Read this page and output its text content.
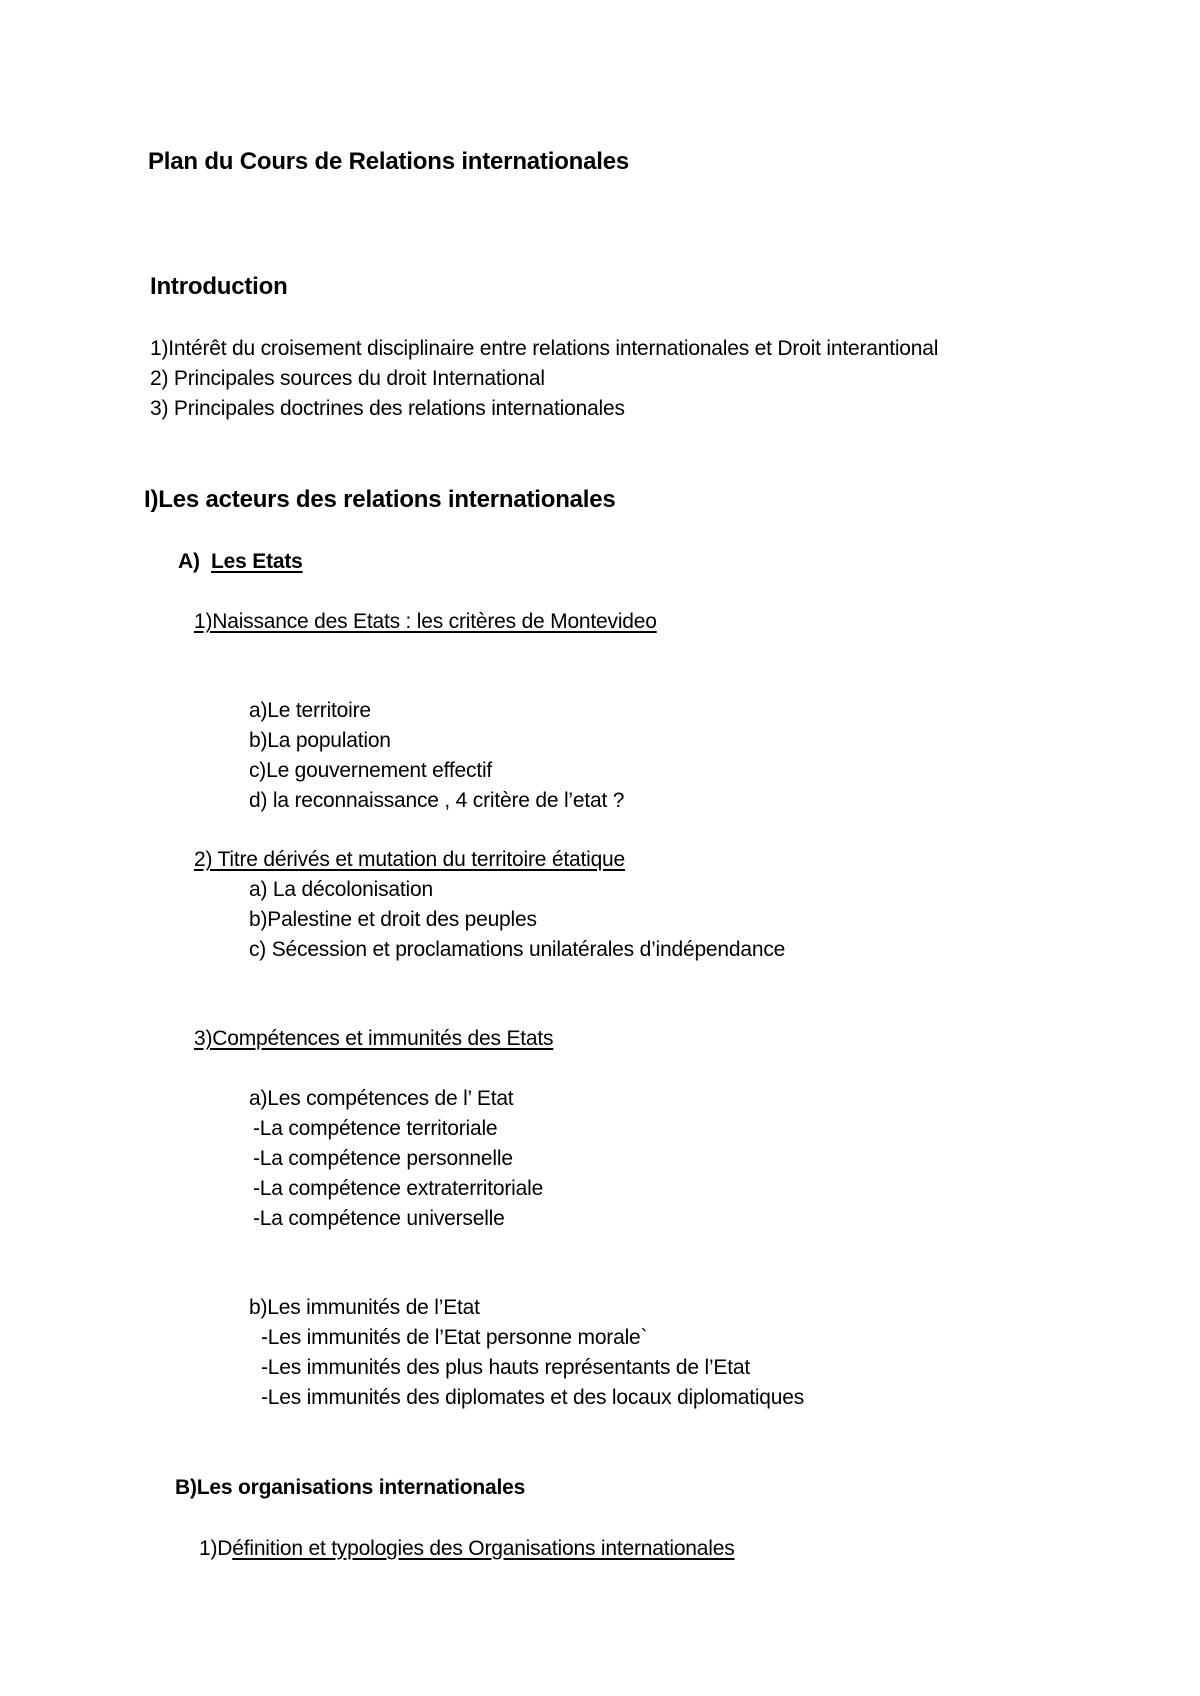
Plan du Cours de Relations internationales
Introduction
1)Intérêt du croisement disciplinaire entre relations internationales et Droit interantional
2) Principales sources du droit International
3) Principales doctrines des relations internationales
I)Les acteurs des relations internationales
A) Les Etats
1)Naissance des Etats : les critères de Montevideo
a)Le territoire
b)La population
c)Le gouvernement effectif
d) la reconnaissance , 4 critère de l’etat ?
2) Titre dérivés et mutation du territoire étatique
a) La décolonisation
b)Palestine et droit des peuples
c) Sécession et proclamations unilatérales d’indépendance
3)Compétences et immunités des Etats
a)Les compétences de l’ Etat
-La compétence territoriale
-La compétence personnelle
-La compétence extraterritoriale
-La compétence universelle
b)Les immunités de l’Etat
-Les immunités de l’Etat personne morale`
-Les immunités des plus hauts représentants de l’Etat
-Les immunités des diplomates et des locaux diplomatiques
B)Les organisations internationales
1)Définition et typologies des Organisations internationales
